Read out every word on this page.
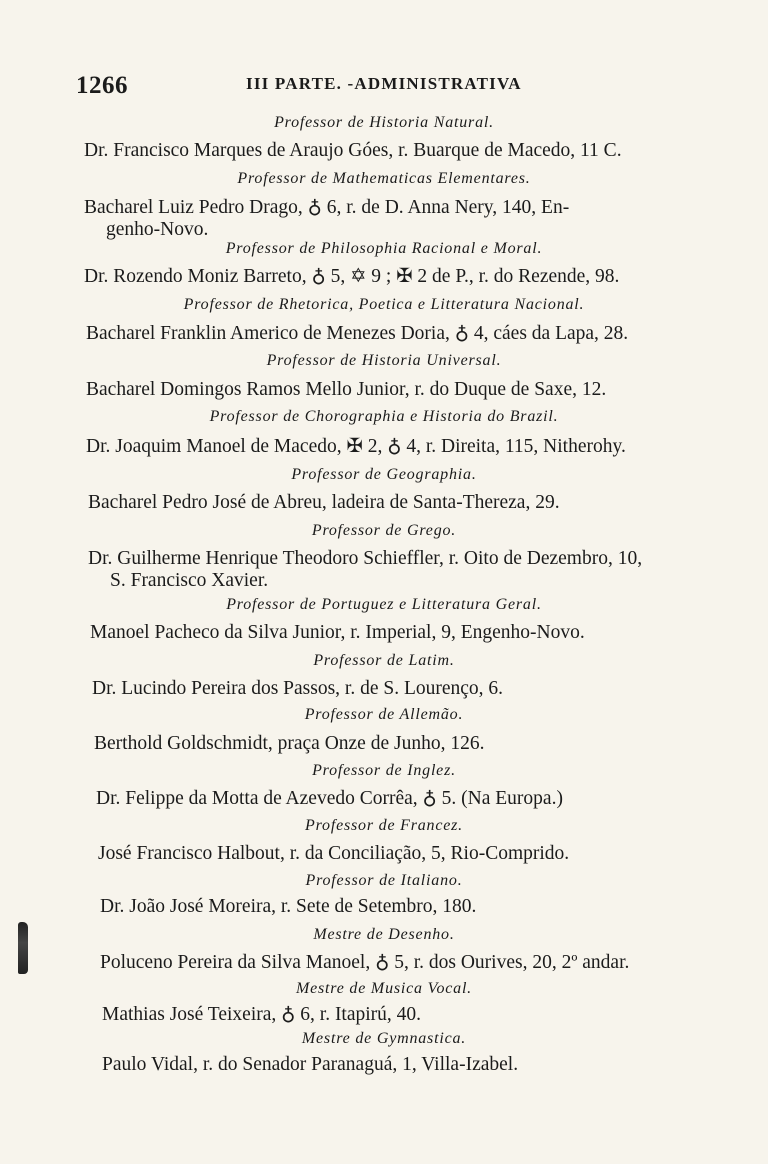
1266	III PARTE. -ADMINISTRATIVA
Professor de Historia Natural.
Dr. Francisco Marques de Araujo Góes, r. Buarque de Macedo, 11 C.
Professor de Mathematicas Elementares.
Bacharel Luiz Pedro Drago, ♁ 6, r. de D. Anna Nery, 140, En-
genho-Novo.
Professor de Philosophia Racional e Moral.
Dr. Rozendo Moniz Barreto, ♁ 5, ✡ 9 ; ✠ 2 de P., r. do Rezende, 98.
Professor de Rhetorica, Poetica e Litteratura Nacional.
Bacharel Franklin Americo de Menezes Doria, ♁ 4, cáes da Lapa, 28.
Professor de Historia Universal.
Bacharel Domingos Ramos Mello Junior, r. do Duque de Saxe, 12.
Professor de Chorographia e Historia do Brazil.
Dr. Joaquim Manoel de Macedo, ✠ 2, ♁ 4, r. Direita, 115, Nitherohy.
Professor de Geographia.
Bacharel Pedro José de Abreu, ladeira de Santa-Thereza, 29.
Professor de Grego.
Dr. Guilherme Henrique Theodoro Schieffler, r. Oito de Dezembro, 10,
S. Francisco Xavier.
Professor de Portuguez e Litteratura Geral.
Manoel Pacheco da Silva Junior, r. Imperial, 9, Engenho-Novo.
Professor de Latim.
Dr. Lucindo Pereira dos Passos, r. de S. Lourenço, 6.
Professor de Allemão.
Berthold Goldschmidt, praça Onze de Junho, 126.
Professor de Inglez.
Dr. Felippe da Motta de Azevedo Corrêa, ♁ 5. (Na Europa.)
Professor de Francez.
José Francisco Halbout, r. da Conciliação, 5, Rio-Comprido.
Professor de Italiano.
Dr. João José Moreira, r. Sete de Setembro, 180.
Mestre de Desenho.
Poluceno Pereira da Silva Manoel, ♁ 5, r. dos Ourives, 20, 2º andar.
Mestre de Musica Vocal.
Mathias José Teixeira, ♁ 6, r. Itapirú, 40.
Mestre de Gymnastica.
Paulo Vidal, r. do Senador Paranaguá, 1, Villa-Izabel.
